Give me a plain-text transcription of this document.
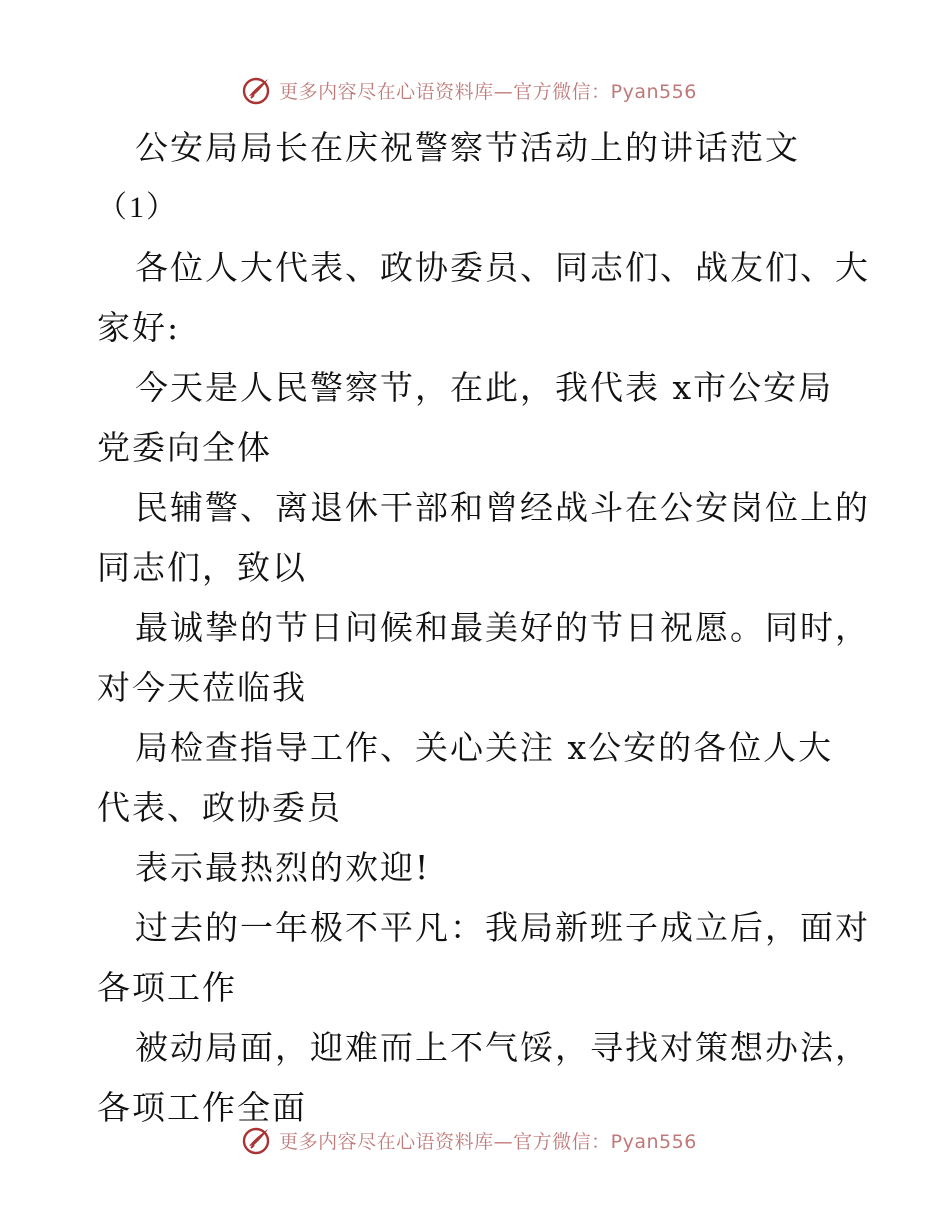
更多内容尽在心语资料库—官方微信：Pyan556
公安局局长在庆祝警察节活动上的讲话范文
（1）
各位人大代表、政协委员、同志们、战友们、大
家好:
今天是人民警察节，在此，我代表 x市公安局
党委向全体
民辅警、离退休干部和曾经战斗在公安岗位上的
同志们，致以
最诚挚的节日问候和最美好的节日祝愿。同时，
对今天莅临我
局检查指导工作、关心关注 x公安的各位人大
代表、政协委员
表示最热烈的欢迎!
过去的一年极不平凡：我局新班子成立后，面对
各项工作
被动局面，迎难而上不气馁，寻找对策想办法，
各项工作全面
更多内容尽在心语资料库—官方微信：Pyan556
